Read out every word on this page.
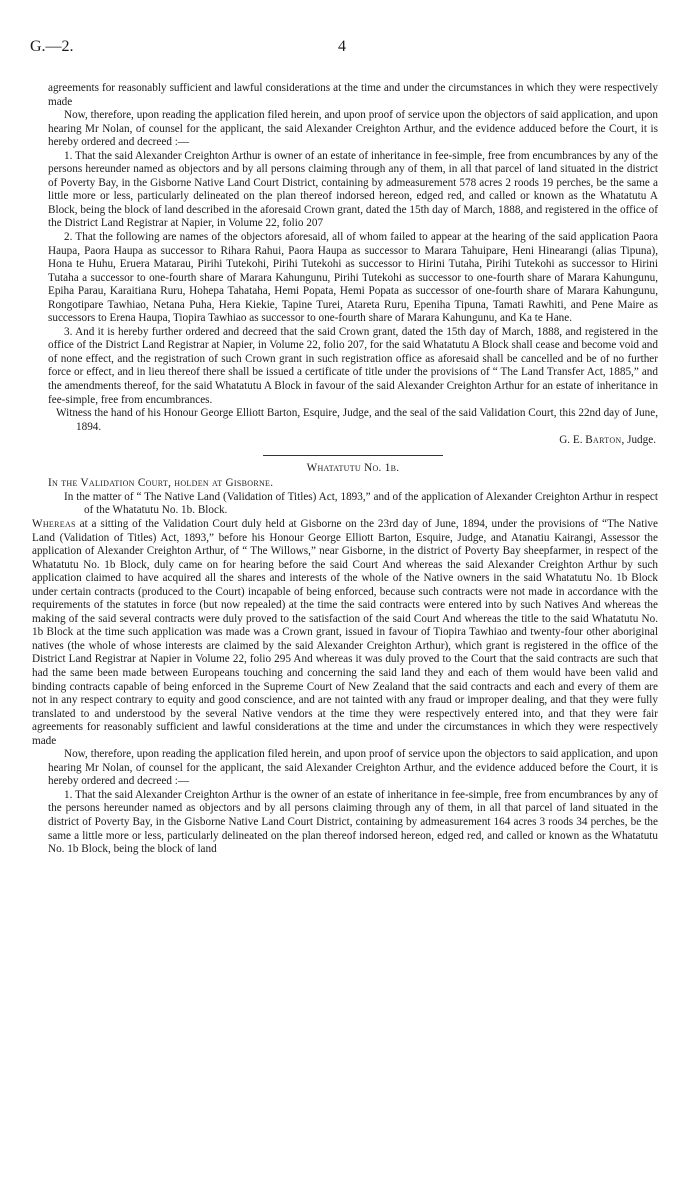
G.—2.	4

agreements for reasonably sufficient and lawful considerations at the time and under the circumstances in which they were respectively made

Now, therefore, upon reading the application filed herein, and upon proof of service upon the objectors of said application, and upon hearing Mr Nolan, of counsel for the applicant, the said Alexander Creighton Arthur, and the evidence adduced before the Court, it is hereby ordered and decreed :—

1. That the said Alexander Creighton Arthur is owner of an estate of inheritance in fee-simple, free from encumbrances by any of the persons hereunder named as objectors and by all persons claiming through any of them, in all that parcel of land situated in the district of Poverty Bay, in the Gisborne Native Land Court District, containing by admeasurement 578 acres 2 roods 19 perches, be the same a little more or less, particularly delineated on the plan thereof indorsed hereon, edged red, and called or known as the Whatatutu A Block, being the block of land described in the aforesaid Crown grant, dated the 15th day of March, 1888, and registered in the office of the District Land Registrar at Napier, in Volume 22, folio 207

2. That the following are names of the objectors aforesaid, all of whom failed to appear at the hearing of the said application Paora Haupa, Paora Haupa as successor to Rihara Rahui, Paora Haupa as successor to Marara Tahuipare, Heni Hinearangi (alias Tipuna), Hona te Huhu, Eruera Matarau, Pirihi Tutekohi, Pirihi Tutekohi as successor to Hirini Tutaha, Pirihi Tutekohi as successor to Hirini Tutaha a successor to one-fourth share of Marara Kahungunu, Pirihi Tutekohi as successor to one-fourth share of Marara Kahungunu, Epiha Parau, Karaitiana Ruru, Hohepa Tahataha, Hemi Popata, Hemi Popata as successor of one-fourth share of Marara Kahungunu, Rongotipare Tawhiao, Netana Puha, Hera Kiekie, Tapine Turei, Atareta Ruru, Epeniha Tipuna, Tamati Rawhiti, and Pene Maire as successors to Erena Haupa, Tiopira Tawhiao as successor to one-fourth share of Marara Kahungunu, and Ka te Hane.

3. And it is hereby further ordered and decreed that the said Crown grant, dated the 15th day of March, 1888, and registered in the office of the District Land Registrar at Napier, in Volume 22, folio 207, for the said Whatatutu A Block shall cease and become void and of none effect, and the registration of such Crown grant in such registration office as aforesaid shall be cancelled and be of no further force or effect, and in lieu thereof there shall be issued a certificate of title under the provisions of “ The Land Transfer Act, 1885,” and the amendments thereof, for the said Whatatutu A Block in favour of the said Alexander Creighton Arthur for an estate of inheritance in fee-simple, free from encumbrances.

Witness the hand of his Honour George Elliott Barton, Esquire, Judge, and the seal of the said Validation Court, this 22nd day of June, 1894.

G. E. Barton, Judge.

Whatatutu No. 1b.

In the Validation Court, holden at Gisborne.

In the matter of “ The Native Land (Validation of Titles) Act, 1893,” and of the application of Alexander Creighton Arthur in respect of the Whatatutu No. 1b. Block.

Whereas at a sitting of the Validation Court duly held at Gisborne on the 23rd day of June, 1894, under the provisions of “The Native Land (Validation of Titles) Act, 1893,” before his Honour George Elliott Barton, Esquire, Judge, and Atanatiu Kairangi, Assessor the application of Alexander Creighton Arthur, of “ The Willows,” near Gisborne, in the district of Poverty Bay sheepfarmer, in respect of the Whatatutu No. 1b Block, duly came on for hearing before the said Court And whereas the said Alexander Creighton Arthur by such application claimed to have acquired all the shares and interests of the whole of the Native owners in the said Whatatutu No. 1b Block under certain contracts (produced to the Court) incapable of being enforced, because such contracts were not made in accordance with the requirements of the statutes in force (but now repealed) at the time the said contracts were entered into by such Natives And whereas the making of the said several contracts were duly proved to the satisfaction of the said Court And whereas the title to the said Whatatutu No. 1b Block at the time such application was made was a Crown grant, issued in favour of Tiopira Tawhiao and twenty-four other aboriginal natives (the whole of whose interests are claimed by the said Alexander Creighton Arthur), which grant is registered in the office of the District Land Registrar at Napier in Volume 22, folio 295 And whereas it was duly proved to the Court that the said contracts are such that had the same been made between Europeans touching and concerning the said land they and each of them would have been valid and binding contracts capable of being enforced in the Supreme Court of New Zealand that the said contracts and each and every of them are not in any respect contrary to equity and good conscience, and are not tainted with any fraud or improper dealing, and that they were fully translated to and understood by the several Native vendors at the time they were respectively entered into, and that they were fair agreements for reasonably sufficient and lawful considerations at the time and under the circumstances in which they were respectively made

Now, therefore, upon reading the application filed herein, and upon proof of service upon the objectors to said application, and upon hearing Mr Nolan, of counsel for the applicant, the said Alexander Creighton Arthur, and the evidence adduced before the Court, it is hereby ordered and decreed :—

1. That the said Alexander Creighton Arthur is the owner of an estate of inheritance in fee-simple, free from encumbrances by any of the persons hereunder named as objectors and by all persons claiming through any of them, in all that parcel of land situated in the district of Poverty Bay, in the Gisborne Native Land Court District, containing by admeasurement 164 acres 3 roods 34 perches, be the same a little more or less, particularly delineated on the plan thereof indorsed hereon, edged red, and called or known as the Whatatutu No. 1b Block, being the block of land
